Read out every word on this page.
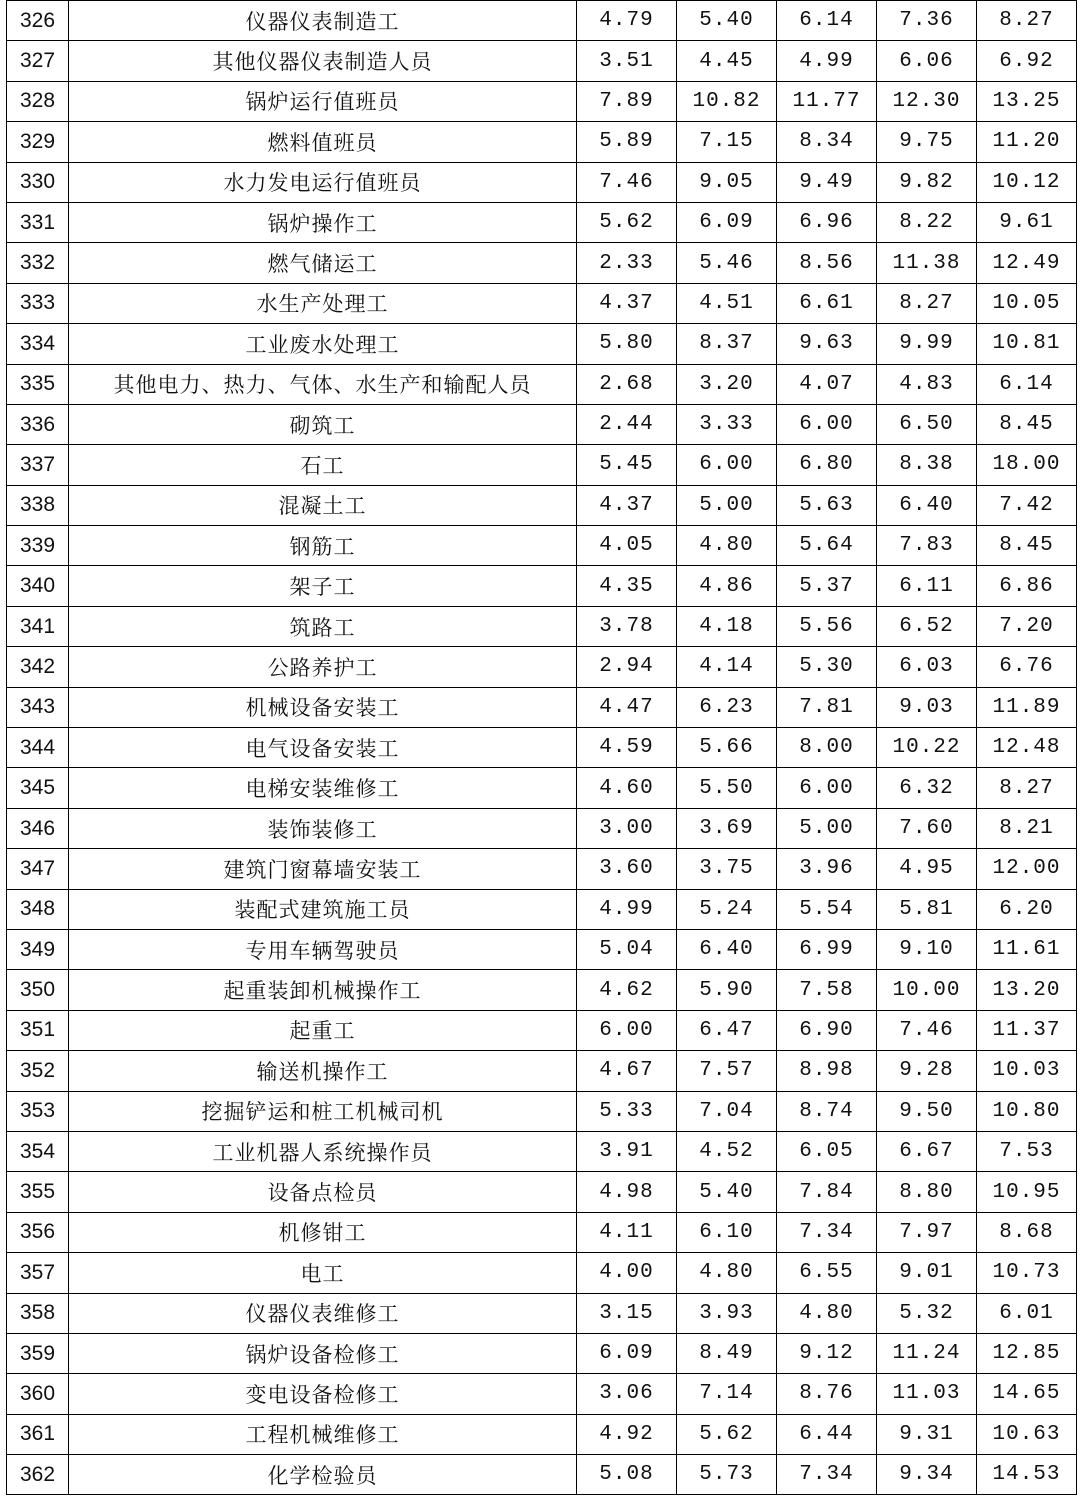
326	仪器仪表制造工	4.79	5.40	6.14	7.36	8.27
327	其他仪器仪表制造人员	3.51	4.45	4.99	6.06	6.92
328	锅炉运行值班员	7.89	10.82	11.77	12.30	13.25
329	燃料值班员	5.89	7.15	8.34	9.75	11.20
330	水力发电运行值班员	7.46	9.05	9.49	9.82	10.12
331	锅炉操作工	5.62	6.09	6.96	8.22	9.61
332	燃气储运工	2.33	5.46	8.56	11.38	12.49
333	水生产处理工	4.37	4.51	6.61	8.27	10.05
334	工业废水处理工	5.80	8.37	9.63	9.99	10.81
335	其他电力、热力、气体、水生产和输配人员	2.68	3.20	4.07	4.83	6.14
336	砌筑工	2.44	3.33	6.00	6.50	8.45
337	石工	5.45	6.00	6.80	8.38	18.00
338	混凝土工	4.37	5.00	5.63	6.40	7.42
339	钢筋工	4.05	4.80	5.64	7.83	8.45
340	架子工	4.35	4.86	5.37	6.11	6.86
341	筑路工	3.78	4.18	5.56	6.52	7.20
342	公路养护工	2.94	4.14	5.30	6.03	6.76
343	机械设备安装工	4.47	6.23	7.81	9.03	11.89
344	电气设备安装工	4.59	5.66	8.00	10.22	12.48
345	电梯安装维修工	4.60	5.50	6.00	6.32	8.27
346	装饰装修工	3.00	3.69	5.00	7.60	8.21
347	建筑门窗幕墙安装工	3.60	3.75	3.96	4.95	12.00
348	装配式建筑施工员	4.99	5.24	5.54	5.81	6.20
349	专用车辆驾驶员	5.04	6.40	6.99	9.10	11.61
350	起重装卸机械操作工	4.62	5.90	7.58	10.00	13.20
351	起重工	6.00	6.47	6.90	7.46	11.37
352	输送机操作工	4.67	7.57	8.98	9.28	10.03
353	挖掘铲运和桩工机械司机	5.33	7.04	8.74	9.50	10.80
354	工业机器人系统操作员	3.91	4.52	6.05	6.67	7.53
355	设备点检员	4.98	5.40	7.84	8.80	10.95
356	机修钳工	4.11	6.10	7.34	7.97	8.68
357	电工	4.00	4.80	6.55	9.01	10.73
358	仪器仪表维修工	3.15	3.93	4.80	5.32	6.01
359	锅炉设备检修工	6.09	8.49	9.12	11.24	12.85
360	变电设备检修工	3.06	7.14	8.76	11.03	14.65
361	工程机械维修工	4.92	5.62	6.44	9.31	10.63
362	化学检验员	5.08	5.73	7.34	9.34	14.53
